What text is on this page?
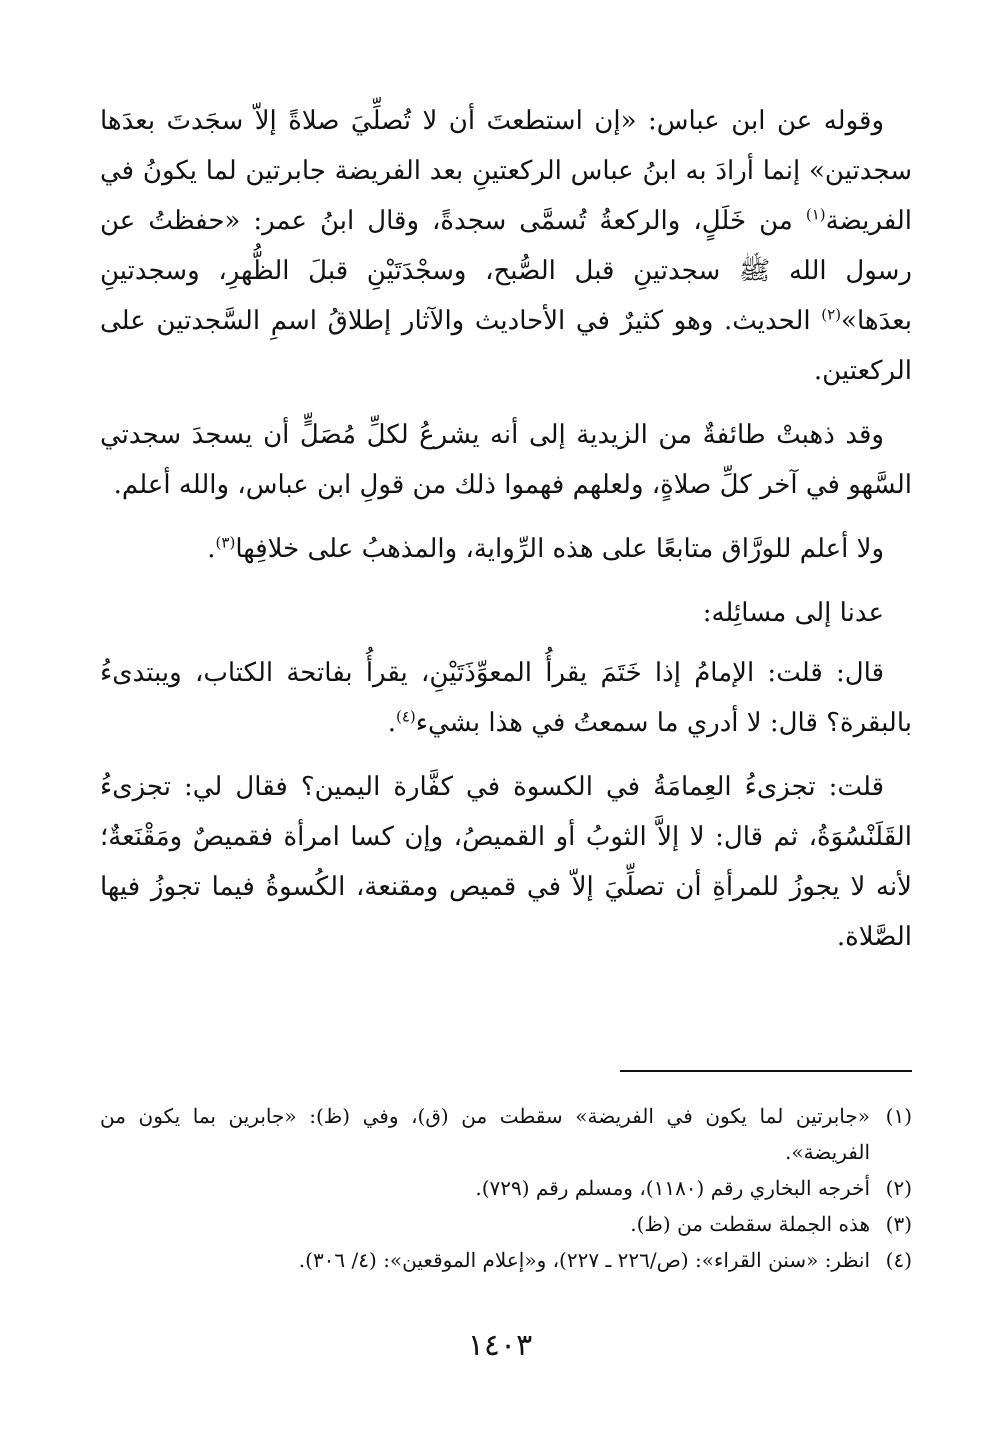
وقوله عن ابن عباس: «إن استطعتَ أن لا تُصلِّيَ صلاةً إلاّ سجَدتَ بعدَها سجدتين» إنما أرادَ به ابنُ عباس الركعتينِ بعد الفريضة جابرتين لما يكونُ في الفريضة$^{(١)}$ من خَلَلٍ، والركعةُ تُسمَّى سجدةً، وقال ابنُ عمر: «حفظتُ عن رسول الله ﷺ سجدتينِ قبل الصُّبح، وسجْدَتَيْنِ قبلَ الظُّهرِ، وسجدتينِ بعدَها»$^{(٢)}$ الحديث. وهو كثيرٌ في الأحاديث والآثار إطلاقُ اسمِ السَّجدتين على الركعتين.

وقد ذهبتْ طائفةٌ من الزيدية إلى أنه يشرعُ لكلِّ مُصَلٍّ أن يسجدَ سجدتي السَّهو في آخر كلِّ صلاةٍ، ولعلهم فهموا ذلك من قولِ ابن عباس، والله أعلم.

ولا أعلم للورَّاق متابعًا على هذه الرِّواية، والمذهبُ على خلافِها$^{(٣)}$.

عدنا إلى مسائِله:

قال: قلت: الإمامُ إذا خَتَمَ يقرأُ المعوِّذَتَيْنِ، يقرأُ بفاتحة الكتاب، ويبتدىءُ بالبقرة؟ قال: لا أدري ما سمعتُ في هذا بشيء$^{(٤)}$.

قلت: تجزىءُ العِمامَةُ في الكسوة في كفَّارة اليمين؟ فقال لي: تجزىءُ القَلَنْسُوَةُ، ثم قال: لا إلاَّ الثوبُ أو القميصُ، وإن كسا امرأة فقميصٌ ومَقْنَعةٌ؛ لأنه لا يجوزُ للمرأةِ أن تصلِّيَ إلاّ في قميص ومقنعة، الكُسوةُ فيما تجوزُ فيها الصَّلاة.

(١)
«جابرتين لما يكون في الفريضة» سقطت من (ق)، وفي (ظ): «جابرين بما يكون من الفريضة».
(٢)
أخرجه البخاري رقم (١١٨٠)، ومسلم رقم (٧٢٩).
(٣)
هذه الجملة سقطت من (ظ).
(٤)
انظر: «سنن القراء»: (ص/٢٢٦ ـ ٢٢٧)، و«إعلام الموقعين»: (٤/ ٣٠٦).
١٤٠٣
